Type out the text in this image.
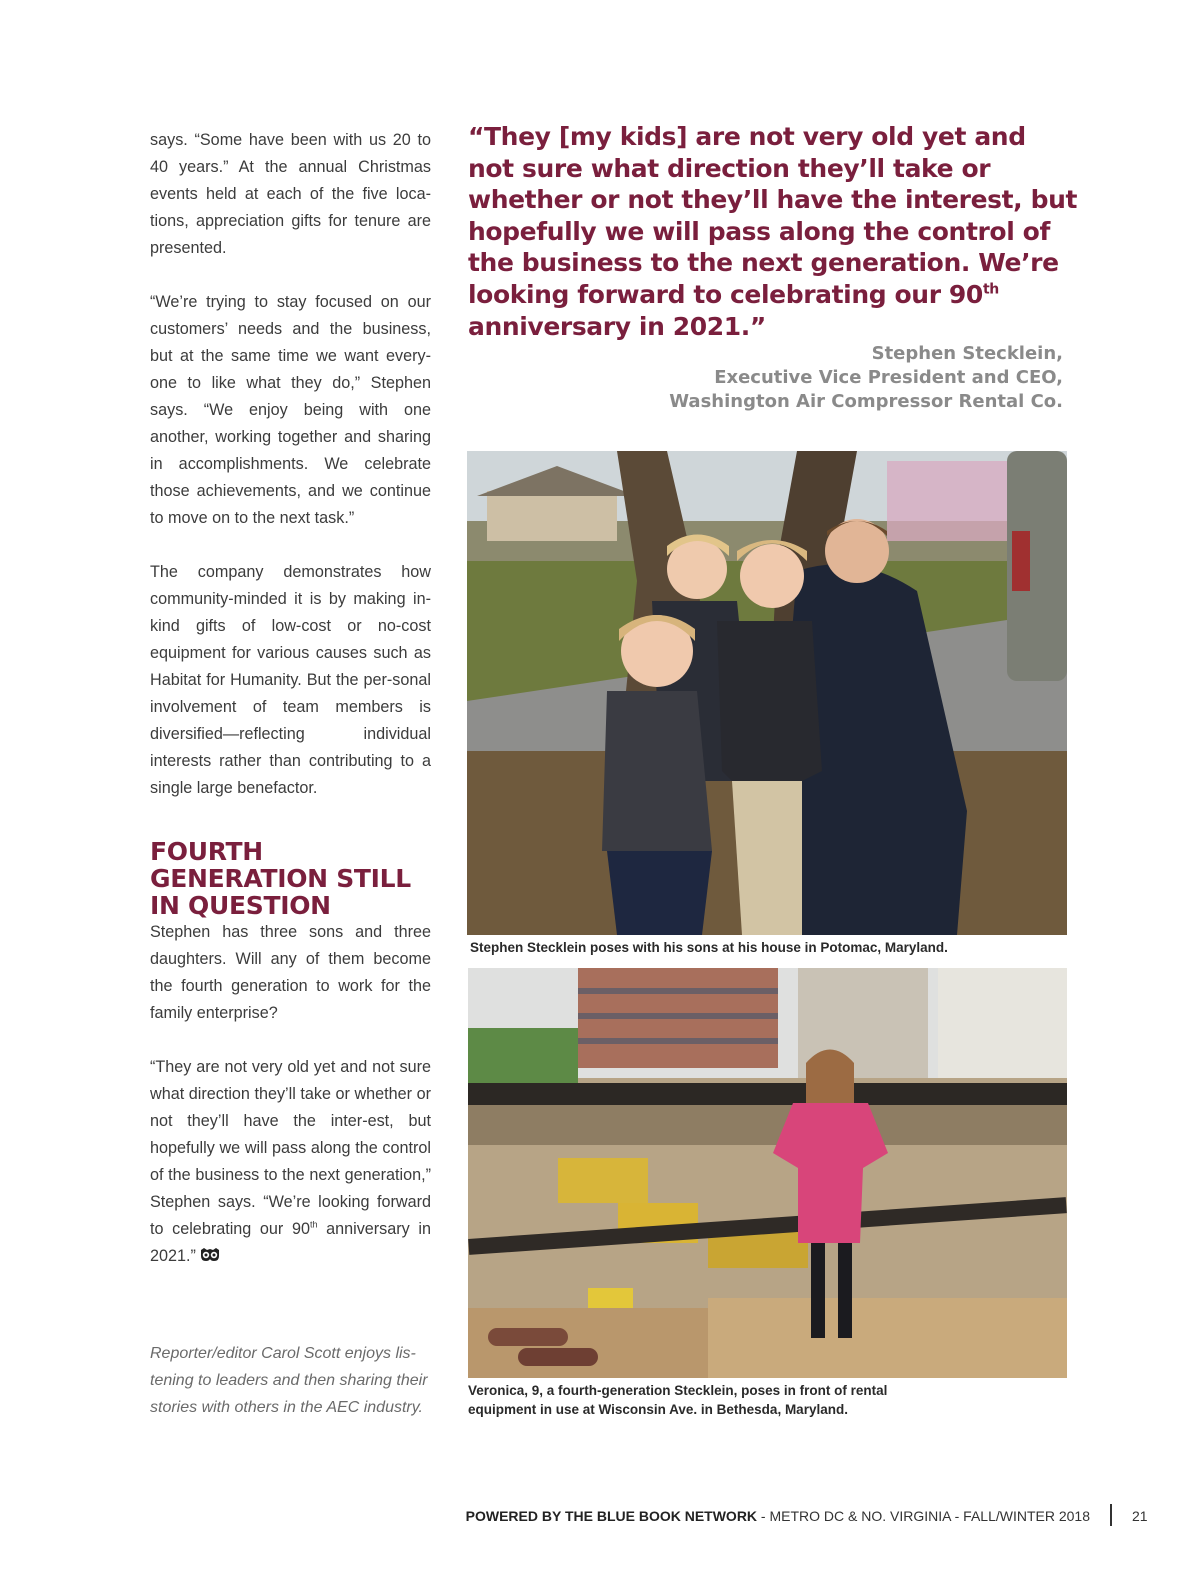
says. “Some have been with us 20 to 40 years.” At the annual Christmas events held at each of the five loca-tions, appreciation gifts for tenure are presented.

“We’re trying to stay focused on our customers’ needs and the business, but at the same time we want every-one to like what they do,” Stephen says. “We enjoy being with one another, working together and sharing in accomplishments. We celebrate those achievements, and we continue to move on to the next task.”

The company demonstrates how community-minded it is by making in-kind gifts of low-cost or no-cost equipment for various causes such as Habitat for Humanity. But the per-sonal involvement of team members is diversified—reflecting individual interests rather than contributing to a single large benefactor.

FOURTH GENERATION STILL IN QUESTION

Stephen has three sons and three daughters. Will any of them become the fourth generation to work for the family enterprise?

“They are not very old yet and not sure what direction they’ll take or whether or not they’ll have the inter-est, but hopefully we will pass along the control of the business to the next generation,” Stephen says. “We’re looking forward to celebrating our 90th anniversary in 2021.”

Reporter/editor Carol Scott enjoys lis-tening to leaders and then sharing their stories with others in the AEC industry.
“They [my kids] are not very old yet and not sure what direction they’ll take or whether or not they’ll have the interest, but hopefully we will pass along the control of the business to the next generation. We’re looking forward to celebrating our 90th anniversary in 2021.”
Stephen Stecklein,
Executive Vice President and CEO,
Washington Air Compressor Rental Co.
Stephen Stecklein poses with his sons at his house in Potomac, Maryland.
Veronica, 9, a fourth-generation Stecklein, poses in front of rental equipment in use at Wisconsin Ave. in Bethesda, Maryland.
POWERED BY THE BLUE BOOK NETWORK - METRO DC & NO. VIRGINIA - FALL/WINTER 2018	21
